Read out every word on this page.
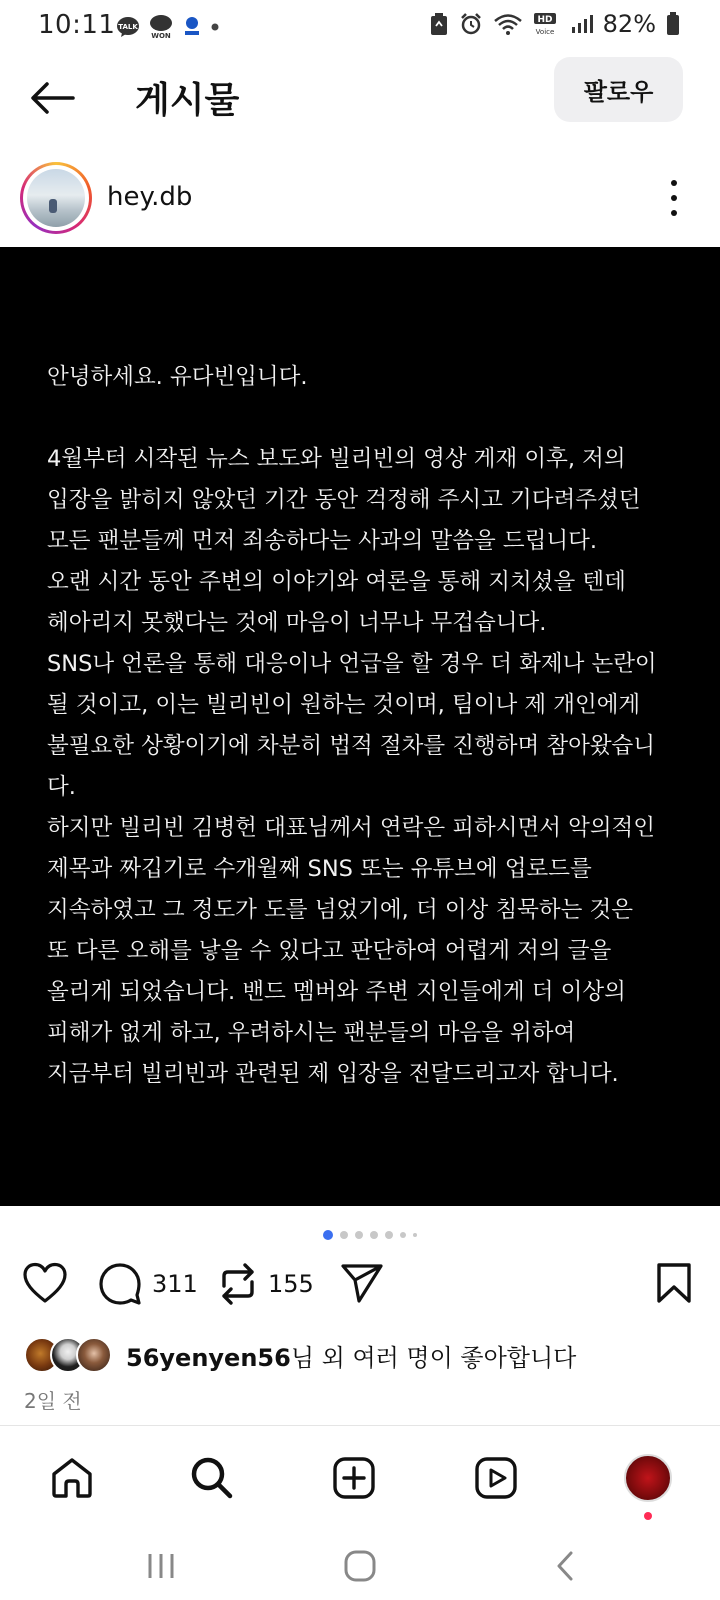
10:11 TALK
WON
HD
Voice 82%
게시물	팔로우
hey.db

안녕하세요. 유다빈입니다.

4월부터 시작된 뉴스 보도와 빌리빈의 영상 게재 이후, 저의
입장을 밝히지 않았던 기간 동안 걱정해 주시고 기다려주셨던
모든 팬분들께 먼저 죄송하다는 사과의 말씀을 드립니다.
오랜 시간 동안 주변의 이야기와 여론을 통해 지치셨을 텐데
헤아리지 못했다는 것에 마음이 너무나 무겁습니다.
SNS나 언론을 통해 대응이나 언급을 할 경우 더 화제나 논란이
될 것이고, 이는 빌리빈이 원하는 것이며, 팀이나 제 개인에게
불필요한 상황이기에 차분히 법적 절차를 진행하며 참아왔습니
다.
하지만 빌리빈 김병헌 대표님께서 연락은 피하시면서 악의적인
제목과 짜깁기로 수개월째 SNS 또는 유튜브에 업로드를
지속하였고 그 정도가 도를 넘었기에, 더 이상 침묵하는 것은
또 다른 오해를 낳을 수 있다고 판단하여 어렵게 저의 글을
올리게 되었습니다. 밴드 멤버와 주변 지인들에게 더 이상의
피해가 없게 하고, 우려하시는 팬분들의 마음을 위하여
지금부터 빌리빈과 관련된 제 입장을 전달드리고자 합니다.

311	155
56yenyen56님 외 여러 명이 좋아합니다
2일 전
